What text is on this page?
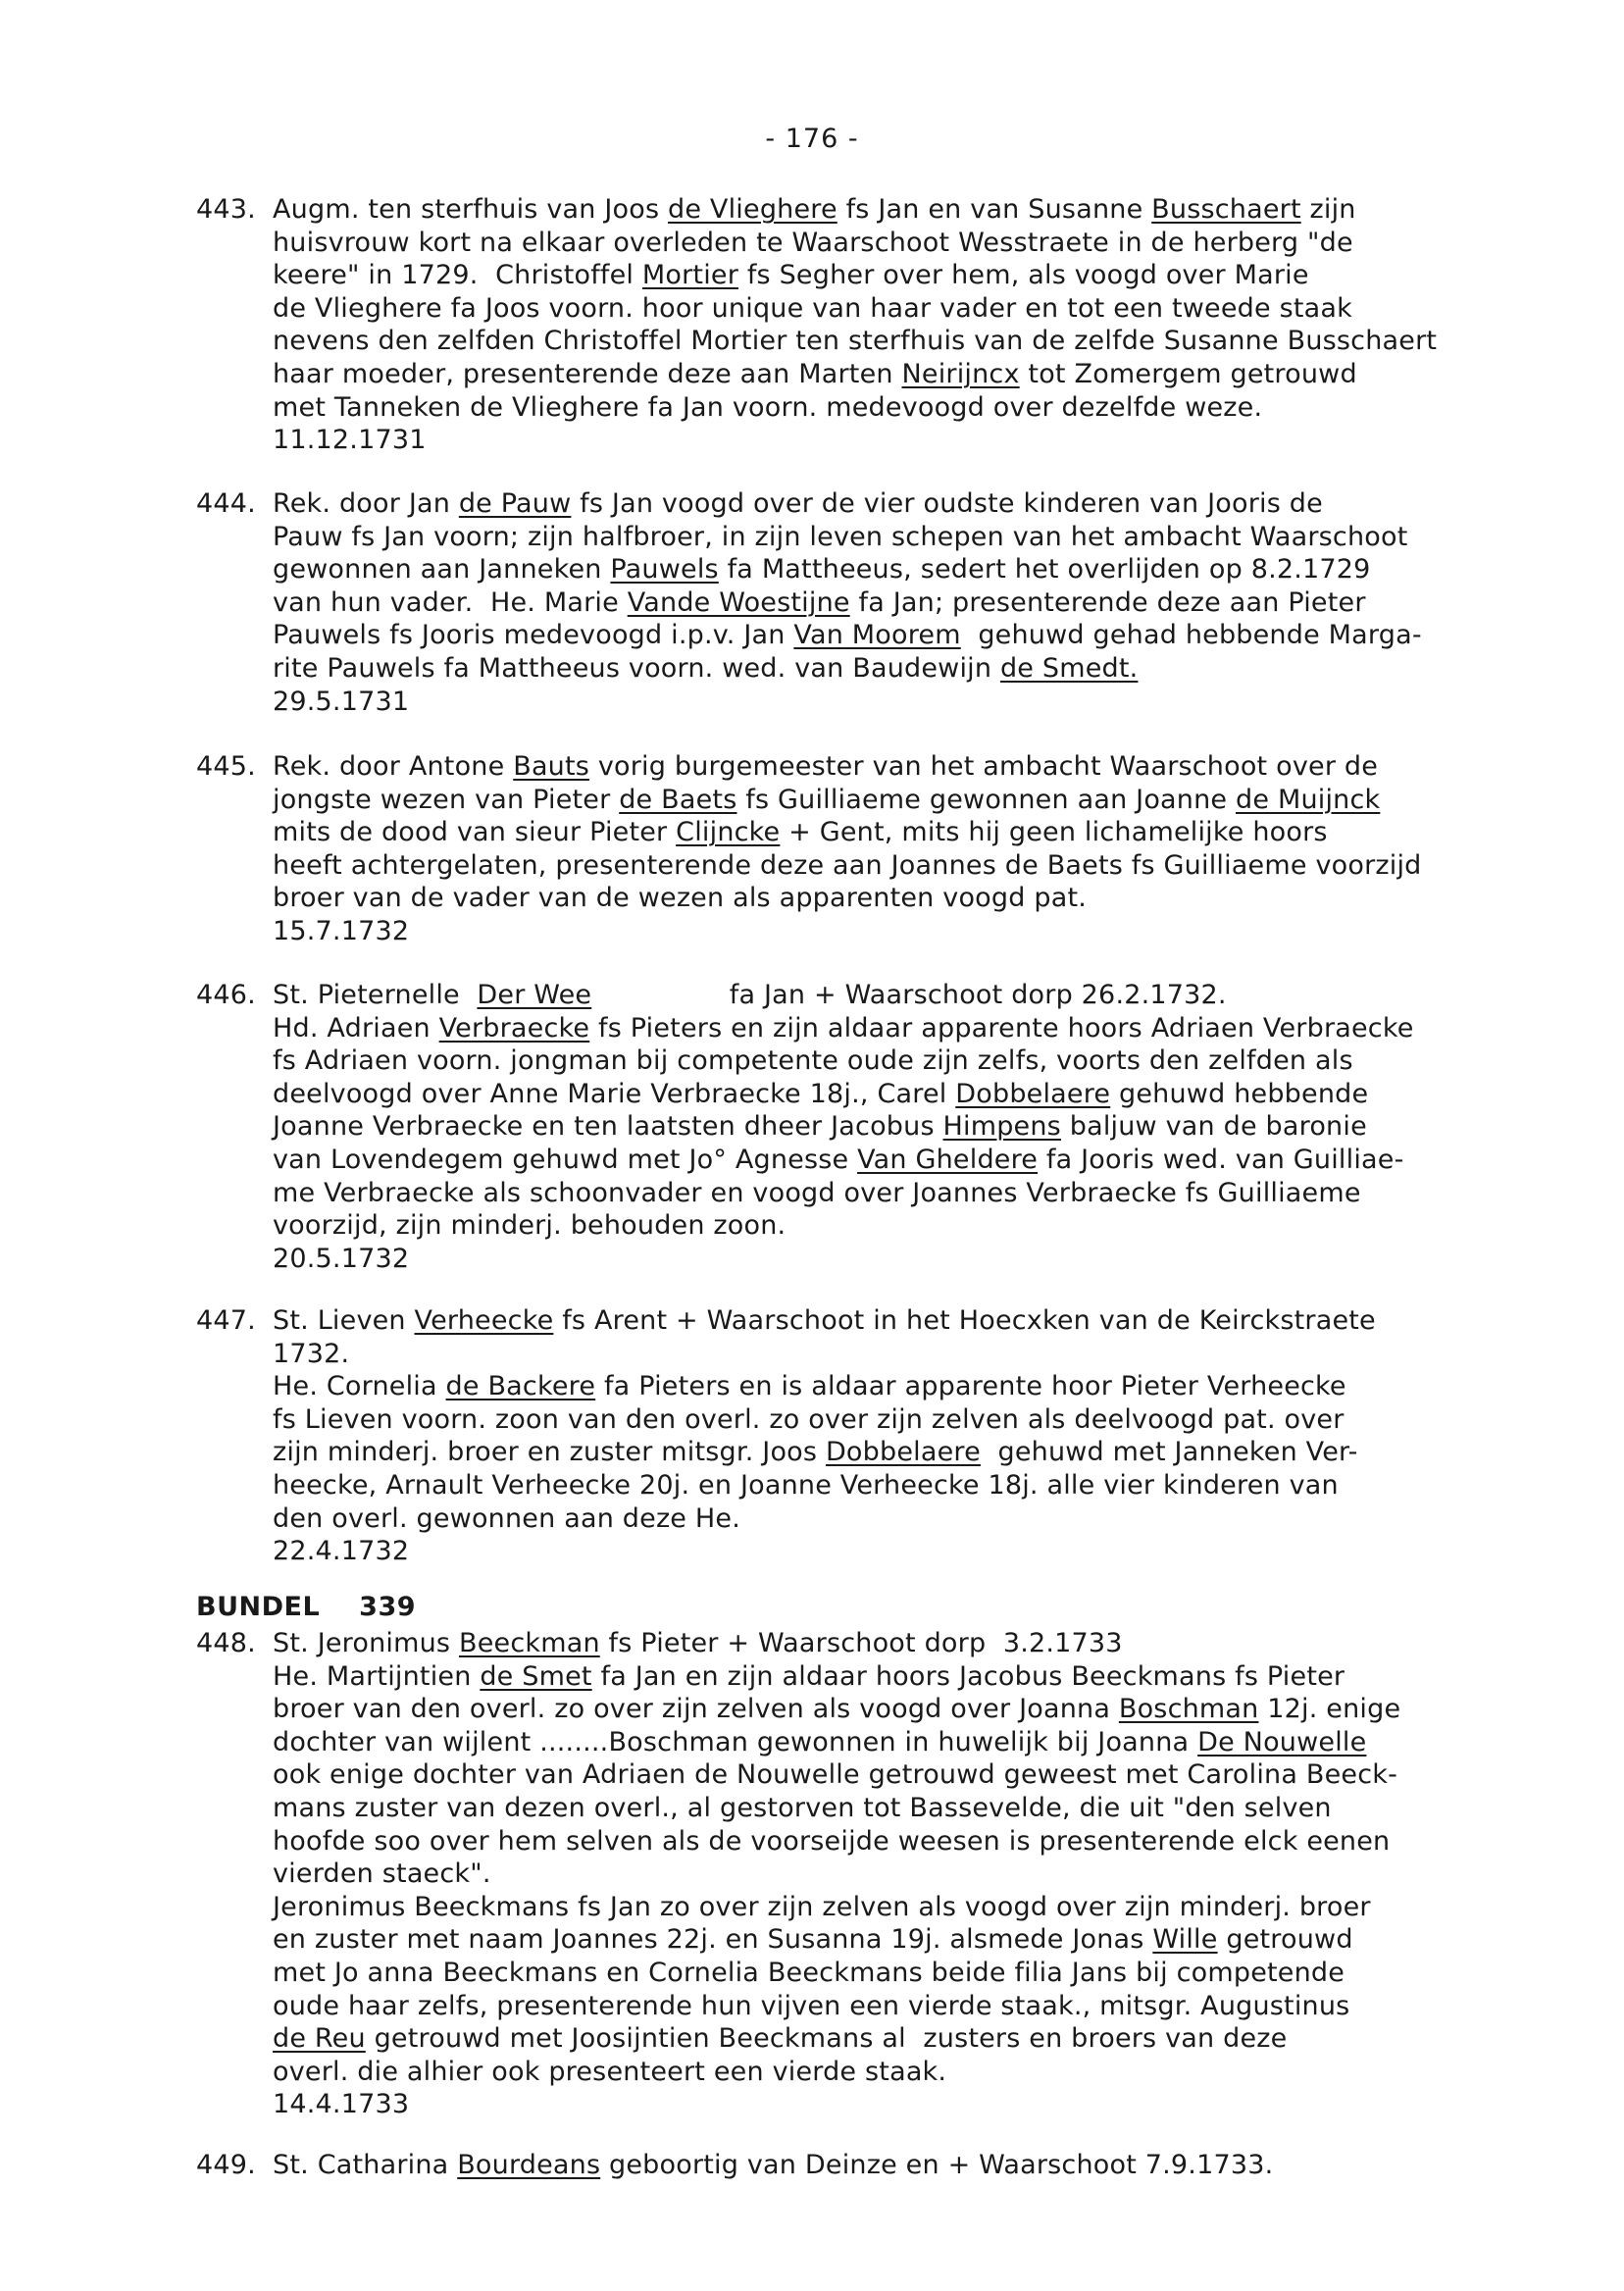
- 176 -
443. Augm. ten sterfhuis van Joos de Vlieghere fs Jan en van Susanne Busschaert zijn
huisvrouw kort na elkaar overleden te Waarschoot Wesstraete in de herberg "de
keere" in 1729.  Christoffel Mortier fs Segher over hem, als voogd over Marie
de Vlieghere fa Joos voorn. hoor unique van haar vader en tot een tweede staak
nevens den zelfden Christoffel Mortier ten sterfhuis van de zelfde Susanne Busschaert
haar moeder, presenterende deze aan Marten Neirijncx tot Zomergem getrouwd
met Tanneken de Vlieghere fa Jan voorn. medevoogd over dezelfde weze.
11.12.1731
444. Rek. door Jan de Pauw fs Jan voogd over de vier oudste kinderen van Jooris de
Pauw fs Jan voorn; zijn halfbroer, in zijn leven schepen van het ambacht Waarschoot
gewonnen aan Janneken Pauwels fa Mattheeus, sedert het overlijden op 8.2.1729
van hun vader.  He. Marie Vande Woestijne fa Jan; presenterende deze aan Pieter
Pauwels fs Jooris medevoogd i.p.v. Jan Van Moorem  gehuwd gehad hebbende Marga-
rite Pauwels fa Mattheeus voorn. wed. van Baudewijn de Smedt.
29.5.1731
445. Rek. door Antone Bauts vorig burgemeester van het ambacht Waarschoot over de
jongste wezen van Pieter de Baets fs Guilliaeme gewonnen aan Joanne de Muijnck
mits de dood van sieur Pieter Clijncke + Gent, mits hij geen lichamelijke hoors
heeft achtergelaten, presenterende deze aan Joannes de Baets fs Guilliaeme voorzijd
broer van de vader van de wezen als apparenten voogd pat.
15.7.1732
446. St. Pieternelle  Der Wee                fa Jan + Waarschoot dorp 26.2.1732.
Hd. Adriaen Verbraecke fs Pieters en zijn aldaar apparente hoors Adriaen Verbraecke
fs Adriaen voorn. jongman bij competente oude zijn zelfs, voorts den zelfden als
deelvoogd over Anne Marie Verbraecke 18j., Carel Dobbelaere gehuwd hebbende
Joanne Verbraecke en ten laatsten dheer Jacobus Himpens baljuw van de baronie
van Lovendegem gehuwd met Jo° Agnesse Van Gheldere fa Jooris wed. van Guilliae-
me Verbraecke als schoonvader en voogd over Joannes Verbraecke fs Guilliaeme
voorzijd, zijn minderj. behouden zoon.
20.5.1732
447. St. Lieven Verheecke fs Arent + Waarschoot in het Hoecxken van de Keirckstraete
1732.
He. Cornelia de Backere fa Pieters en is aldaar apparente hoor Pieter Verheecke
fs Lieven voorn. zoon van den overl. zo over zijn zelven als deelvoogd pat. over
zijn minderj. broer en zuster mitsgr. Joos Dobbelaere  gehuwd met Janneken Ver-
heecke, Arnault Verheecke 20j. en Joanne Verheecke 18j. alle vier kinderen van
den overl. gewonnen aan deze He.
22.4.1732
BUNDEL 339
448. St. Jeronimus Beeckman fs Pieter + Waarschoot dorp  3.2.1733
He. Martijntien de Smet fa Jan en zijn aldaar hoors Jacobus Beeckmans fs Pieter
broer van den overl. zo over zijn zelven als voogd over Joanna Boschman 12j. enige
dochter van wijlent ........Boschman gewonnen in huwelijk bij Joanna De Nouwelle
ook enige dochter van Adriaen de Nouwelle getrouwd geweest met Carolina Beeck-
mans zuster van dezen overl., al gestorven tot Bassevelde, die uit "den selven
hoofde soo over hem selven als de voorseijde weesen is presenterende elck eenen
vierden staeck".
Jeronimus Beeckmans fs Jan zo over zijn zelven als voogd over zijn minderj. broer
en zuster met naam Joannes 22j. en Susanna 19j. alsmede Jonas Wille getrouwd
met Jo anna Beeckmans en Cornelia Beeckmans beide filia Jans bij competende
oude haar zelfs, presenterende hun vijven een vierde staak., mitsgr. Augustinus
de Reu getrouwd met Joosijntien Beeckmans al  zusters en broers van deze
overl. die alhier ook presenteert een vierde staak.
14.4.1733
449. St. Catharina Bourdeans geboortig van Deinze en + Waarschoot 7.9.1733.
